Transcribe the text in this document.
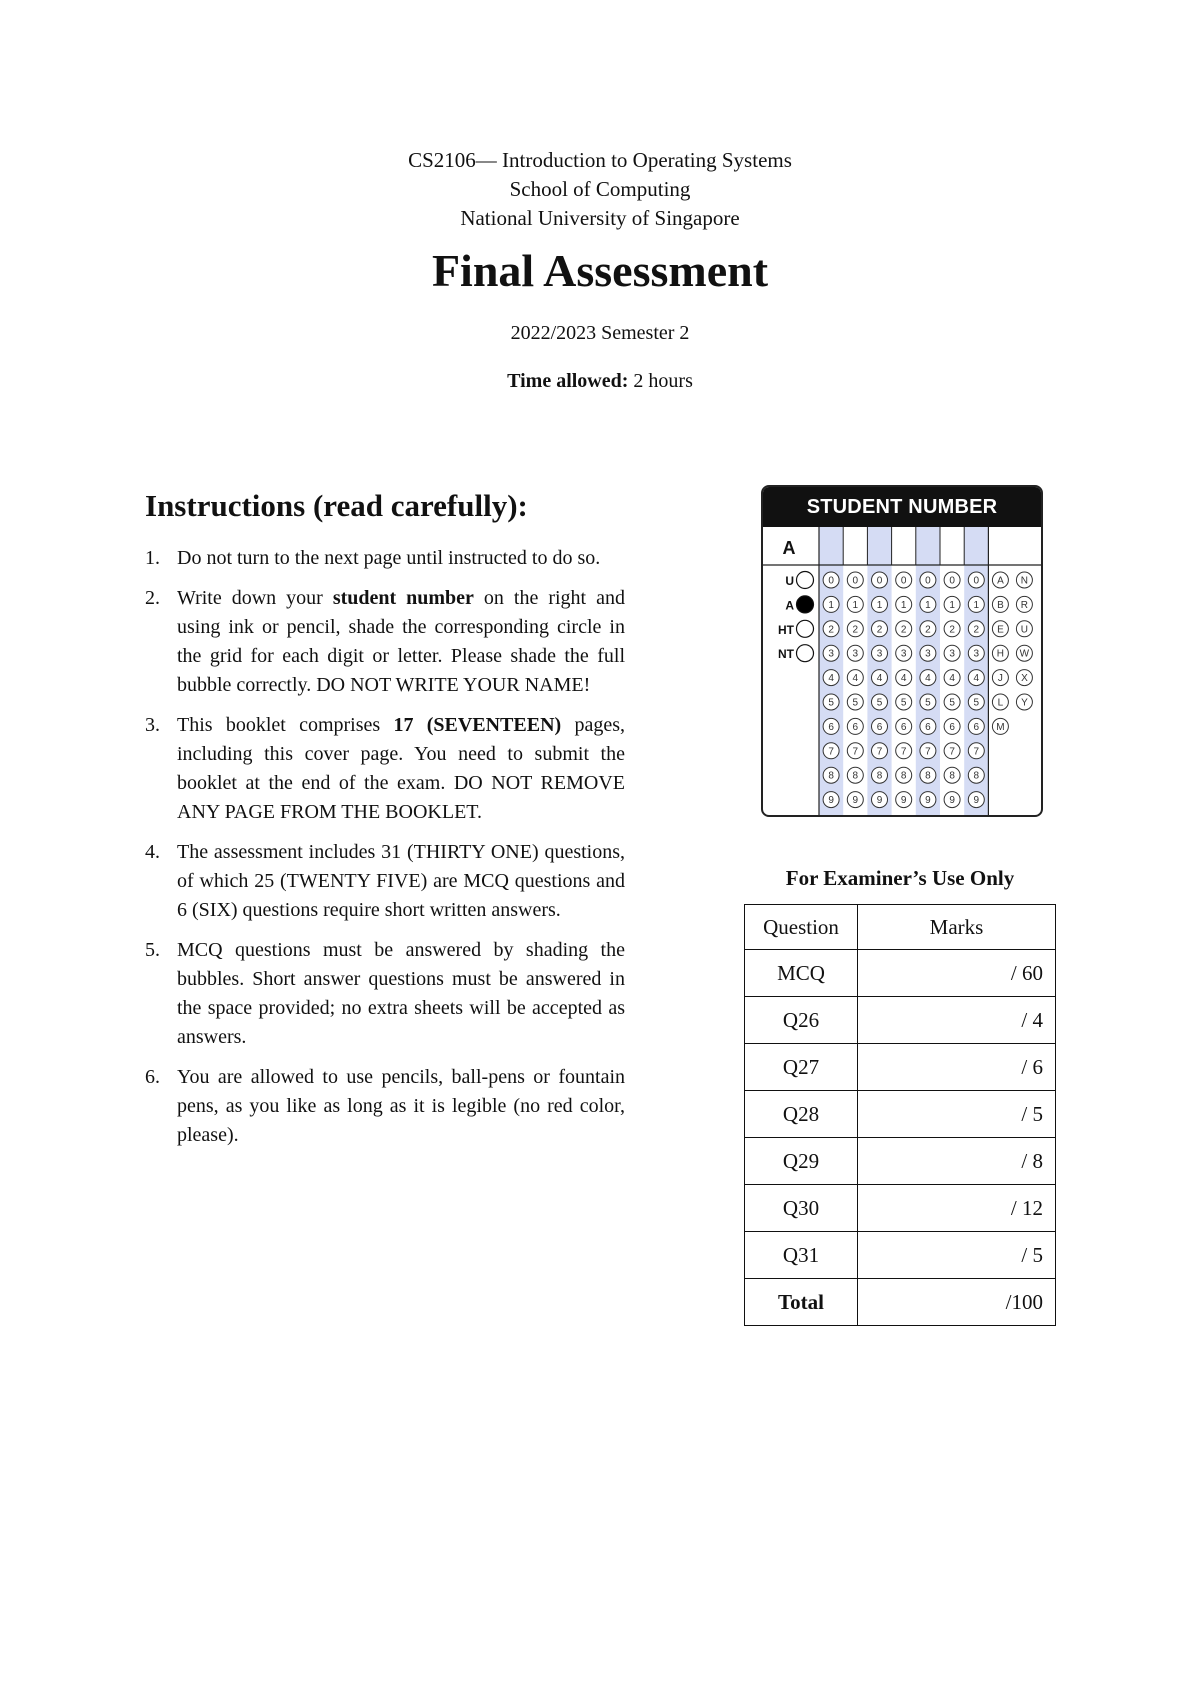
CS2106— Introduction to Operating Systems
School of Computing
National University of Singapore
Final Assessment
2022/2023 Semester 2
Time allowed: 2 hours
Instructions (read carefully):
1. Do not turn to the next page until instructed to do so.
2. Write down your student number on the right and using ink or pencil, shade the corresponding circle in the grid for each digit or letter. Please shade the full bubble correctly. DO NOT WRITE YOUR NAME!
3. This booklet comprises 17 (SEVENTEEN) pages, including this cover page. You need to submit the booklet at the end of the exam. DO NOT REMOVE ANY PAGE FROM THE BOOKLET.
4. The assessment includes 31 (THIRTY ONE) questions, of which 25 (TWENTY FIVE) are MCQ questions and 6 (SIX) questions require short written answers.
5. MCQ questions must be answered by shading the bubbles. Short answer questions must be answered in the space provided; no extra sheets will be accepted as answers.
6. You are allowed to use pencils, ball-pens or fountain pens, as you like as long as it is legible (no red color, please).
STUDENT NUMBER
A
U
A
HT
NT
0
1
2
3
4
5
6
7
8
9
0
1
2
3
4
5
6
7
8
9
0
1
2
3
4
5
6
7
8
9
0
1
2
3
4
5
6
7
8
9
0
1
2
3
4
5
6
7
8
9
0
1
2
3
4
5
6
7
8
9
0
1
2
3
4
5
6
7
8
9
A N
B R
E U
H W
J X
L Y
M
For Examiner’s Use Only
Question	Marks
MCQ	/ 60
Q26	/ 4
Q27	/ 6
Q28	/ 5
Q29	/ 8
Q30	/ 12
Q31	/ 5
Total	/100
